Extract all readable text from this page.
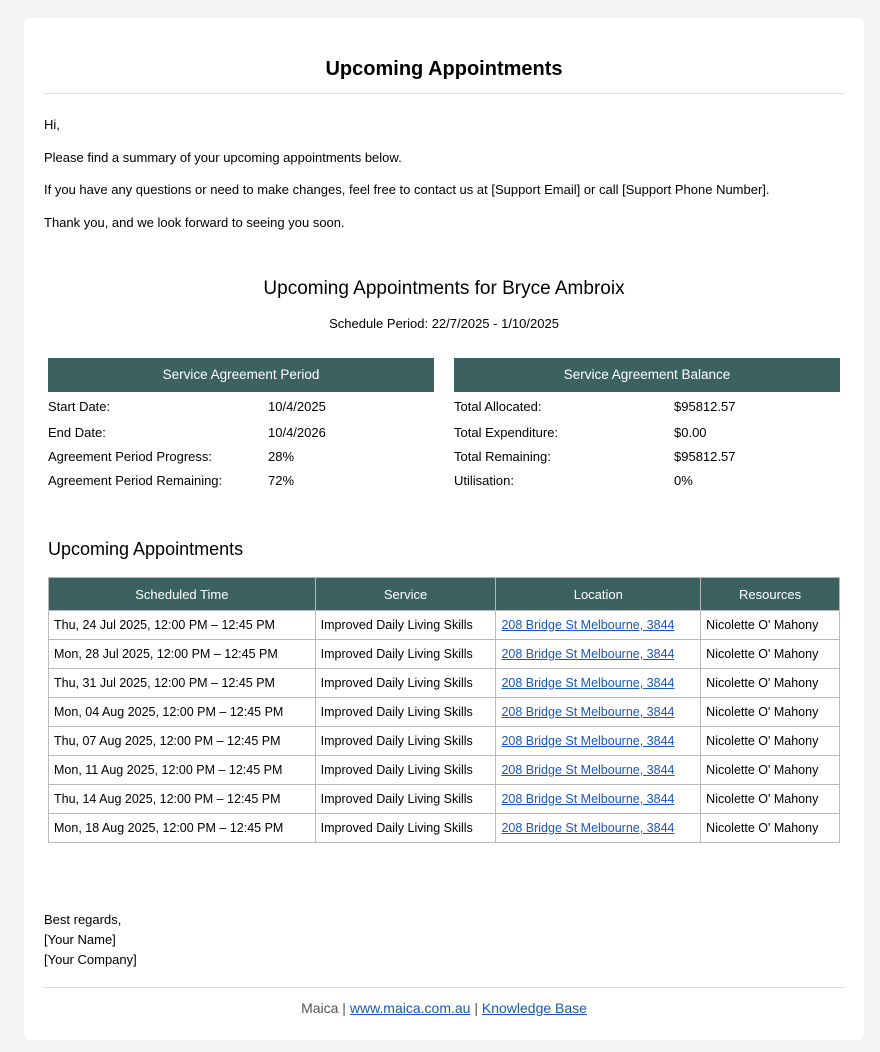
Upcoming Appointments
Hi,
Please find a summary of your upcoming appointments below.
If you have any questions or need to make changes, feel free to contact us at [Support Email] or call [Support Phone Number].
Thank you, and we look forward to seeing you soon.
Upcoming Appointments for Bryce Ambroix
Schedule Period: 22/7/2025 - 1/10/2025
Service Agreement Period
Start Date:	10/4/2025
End Date:	10/4/2026
Agreement Period Progress:	28%
Agreement Period Remaining:	72%
Service Agreement Balance
Total Allocated:	$95812.57
Total Expenditure:	$0.00
Total Remaining:	$95812.57
Utilisation:	0%
Upcoming Appointments
Scheduled Time	Service	Location	Resources
Thu, 24 Jul 2025, 12:00 PM – 12:45 PM	Improved Daily Living Skills	208 Bridge St Melbourne, 3844	Nicolette O' Mahony
Mon, 28 Jul 2025, 12:00 PM – 12:45 PM	Improved Daily Living Skills	208 Bridge St Melbourne, 3844	Nicolette O' Mahony
Thu, 31 Jul 2025, 12:00 PM – 12:45 PM	Improved Daily Living Skills	208 Bridge St Melbourne, 3844	Nicolette O' Mahony
Mon, 04 Aug 2025, 12:00 PM – 12:45 PM	Improved Daily Living Skills	208 Bridge St Melbourne, 3844	Nicolette O' Mahony
Thu, 07 Aug 2025, 12:00 PM – 12:45 PM	Improved Daily Living Skills	208 Bridge St Melbourne, 3844	Nicolette O' Mahony
Mon, 11 Aug 2025, 12:00 PM – 12:45 PM	Improved Daily Living Skills	208 Bridge St Melbourne, 3844	Nicolette O' Mahony
Thu, 14 Aug 2025, 12:00 PM – 12:45 PM	Improved Daily Living Skills	208 Bridge St Melbourne, 3844	Nicolette O' Mahony
Mon, 18 Aug 2025, 12:00 PM – 12:45 PM	Improved Daily Living Skills	208 Bridge St Melbourne, 3844	Nicolette O' Mahony
Best regards,
[Your Name]
[Your Company]
Maica | www.maica.com.au | Knowledge Base
